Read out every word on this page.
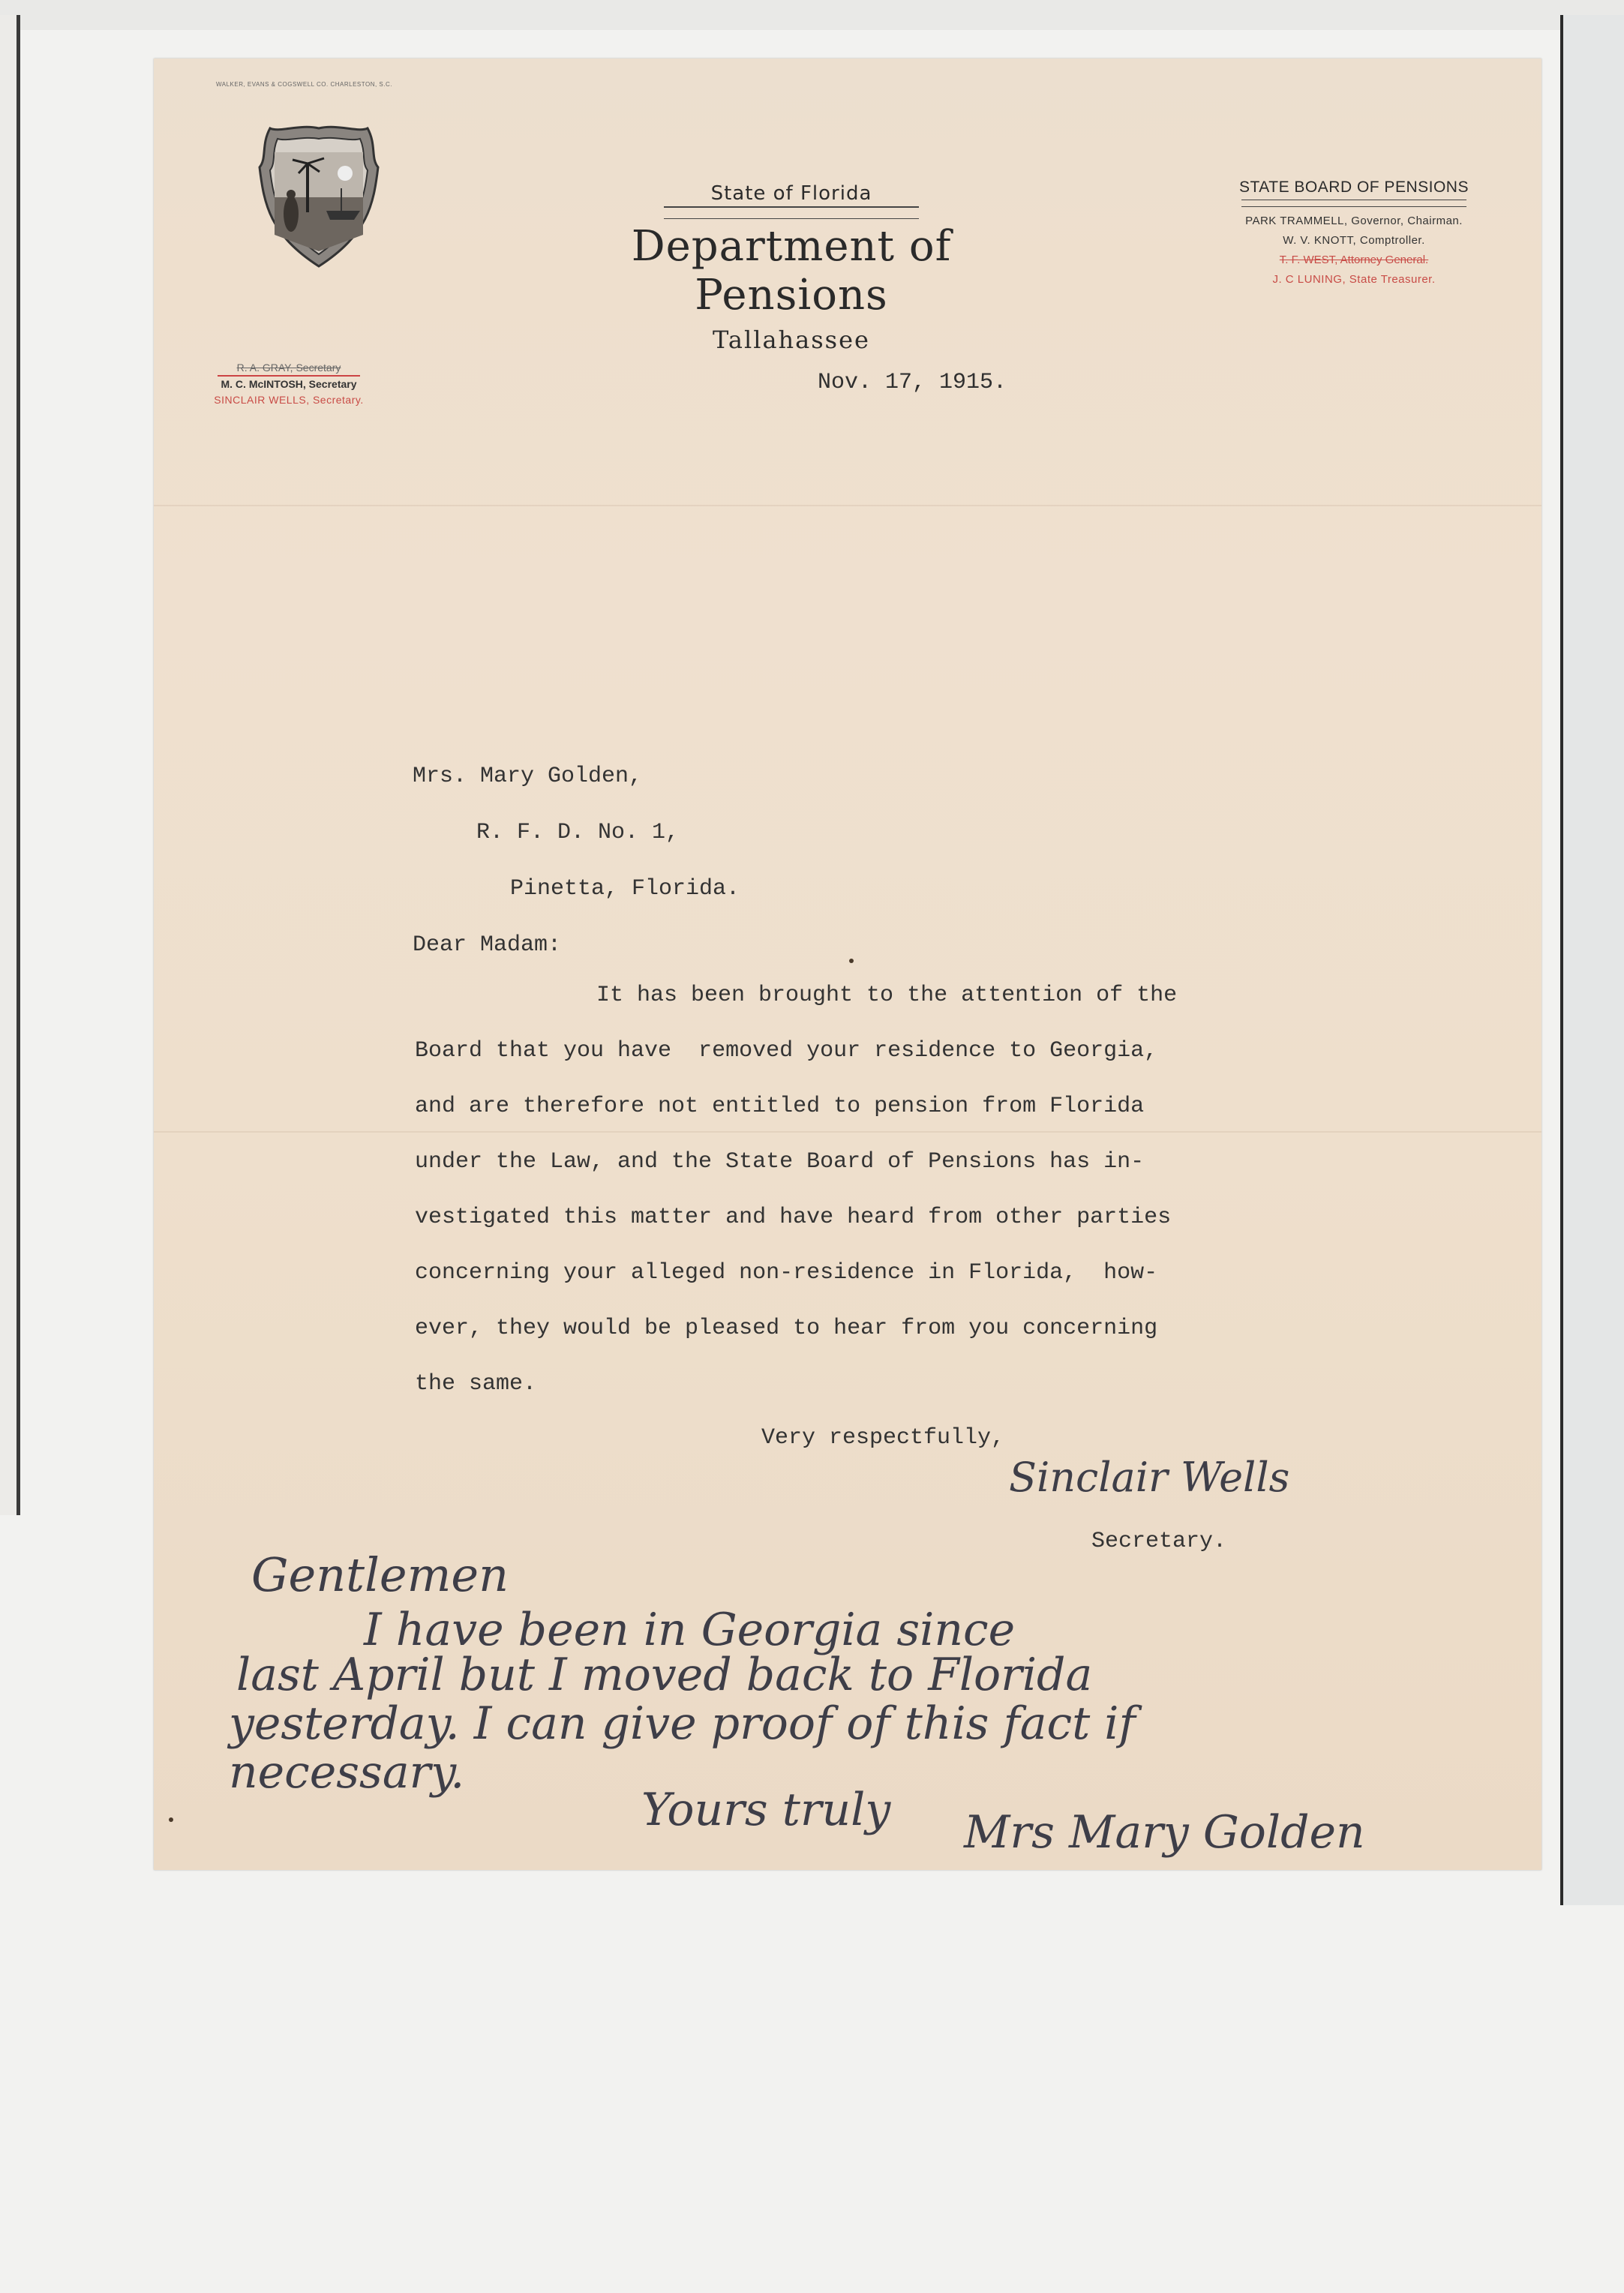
WALKER, EVANS & COGSWELL CO. CHARLESTON, S.C.
R. A. GRAY, Secretary
M. C. McINTOSH, Secretary
SINCLAIR WELLS, Secretary.
State of Florida
Department of Pensions
Tallahassee
STATE BOARD OF PENSIONS
PARK TRAMMELL, Governor, Chairman.
W. V. KNOTT, Comptroller.
T. F. WEST, Attorney General.
J. C LUNING, State Treasurer.
Nov. 17, 1915.
Mrs. Mary Golden,
R. F. D. No. 1,
Pinetta, Florida.
Dear Madam:
It has been brought to the attention of the
Board that you have  removed your residence to Georgia,
and are therefore not entitled to pension from Florida
under the Law, and the State Board of Pensions has in-
vestigated this matter and have heard from other parties
concerning your alleged non-residence in Florida,  how-
ever, they would be pleased to hear from you concerning
the same.
Very respectfully,
Sinclair Wells
Secretary.
Gentlemen
I have been in Georgia since
last April but I moved back to Florida
yesterday. I can give proof of this fact if
necessary.
Yours truly Mrs Mary Golden
